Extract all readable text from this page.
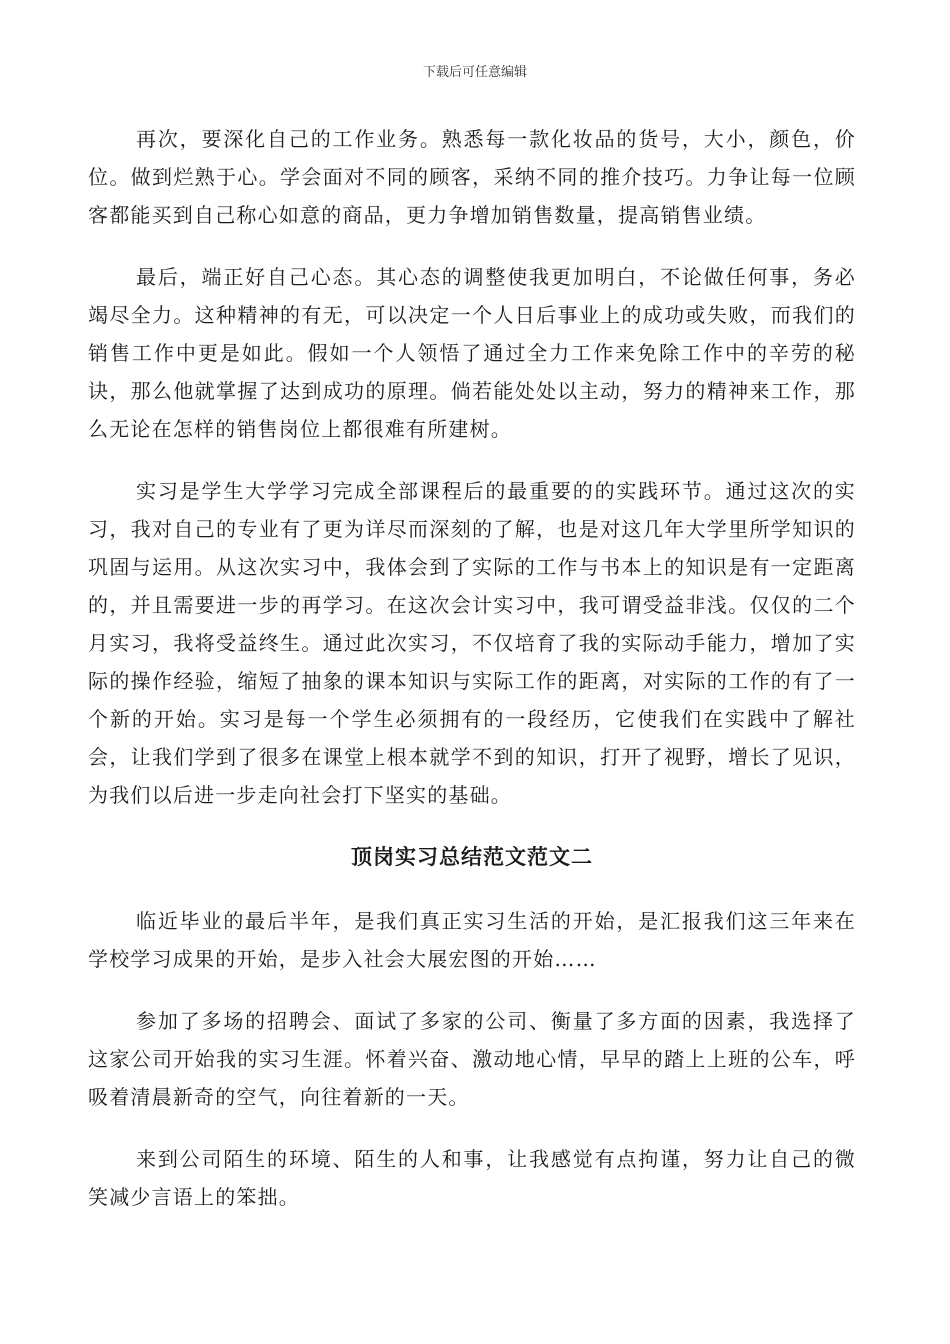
下载后可任意编辑

再次，要深化自己的工作业务。熟悉每一款化妆品的货号，大小，颜色，价位。做到烂熟于心。学会面对不同的顾客，采纳不同的推介技巧。力争让每一位顾客都能买到自己称心如意的商品，更力争增加销售数量，提高销售业绩。

最后，端正好自己心态。其心态的调整使我更加明白，不论做任何事，务必竭尽全力。这种精神的有无，可以决定一个人日后事业上的成功或失败，而我们的销售工作中更是如此。假如一个人领悟了通过全力工作来免除工作中的辛劳的秘诀，那么他就掌握了达到成功的原理。倘若能处处以主动，努力的精神来工作，那么无论在怎样的销售岗位上都很难有所建树。

实习是学生大学学习完成全部课程后的最重要的的实践环节。通过这次的实习，我对自己的专业有了更为详尽而深刻的了解，也是对这几年大学里所学知识的巩固与运用。从这次实习中，我体会到了实际的工作与书本上的知识是有一定距离的，并且需要进一步的再学习。在这次会计实习中，我可谓受益非浅。仅仅的二个月实习，我将受益终生。通过此次实习，不仅培育了我的实际动手能力，增加了实际的操作经验，缩短了抽象的课本知识与实际工作的距离，对实际的工作的有了一个新的开始。实习是每一个学生必须拥有的一段经历，它使我们在实践中了解社会，让我们学到了很多在课堂上根本就学不到的知识，打开了视野，增长了见识，为我们以后进一步走向社会打下坚实的基础。

顶岗实习总结范文范文二

临近毕业的最后半年，是我们真正实习生活的开始，是汇报我们这三年来在学校学习成果的开始，是步入社会大展宏图的开始……

参加了多场的招聘会、面试了多家的公司、衡量了多方面的因素，我选择了这家公司开始我的实习生涯。怀着兴奋、激动地心情，早早的踏上上班的公车，呼吸着清晨新奇的空气，向往着新的一天。

来到公司陌生的环境、陌生的人和事，让我感觉有点拘谨，努力让自己的微笑减少言语上的笨拙。
